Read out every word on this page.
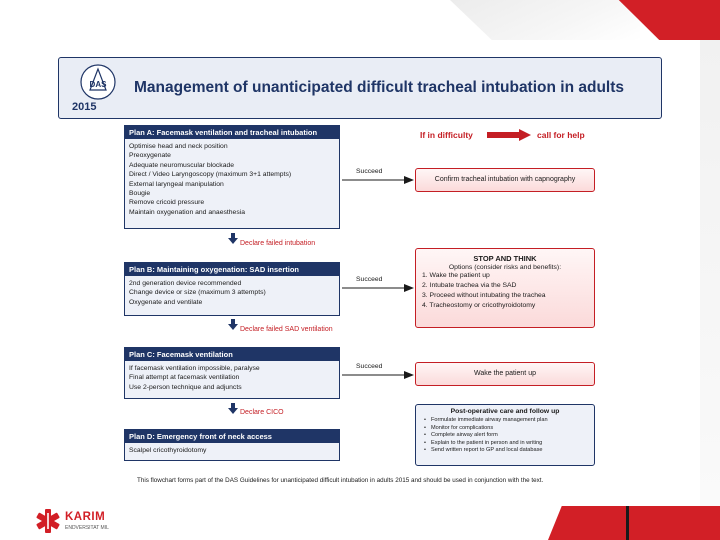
DAS
2015
Management of unanticipated difficult tracheal intubation in adults
If in difficulty	call for help
Plan A: Facemask ventilation and tracheal intubation
Optimise head and neck position
Preoxygenate
Adequate neuromuscular blockade
Direct / Video Laryngoscopy (maximum 3+1 attempts)
External laryngeal manipulation
Bougie
Remove cricoid pressure
Maintain oxygenation and anaesthesia
Succeed
Confirm tracheal intubation with capnography
Declare failed intubation
Plan B: Maintaining oxygenation: SAD insertion
2nd generation device recommended
Change device or size (maximum 3 attempts)
Oxygenate and ventilate
Succeed
STOP AND THINK
Options (consider risks and benefits):
1. Wake the patient up
2. Intubate trachea via the SAD
3. Proceed without intubating the trachea
4. Tracheostomy or cricothyroidotomy
Declare failed SAD ventilation
Plan C: Facemask ventilation
If facemask ventilation impossible, paralyse
Final attempt at facemask ventilation
Use 2-person technique and adjuncts
Succeed
Wake the patient up
Declare CICO
Plan D: Emergency front of neck access
Scalpel cricothyroidotomy
Post-operative care and follow up
• Formulate immediate airway management plan
• Monitor for complications
• Complete airway alert form
• Explain to the patient in person and in writing
• Send written report to GP and local database
This flowchart forms part of the DAS Guidelines for unanticipated difficult intubation in adults 2015 and should be used in conjunction with the text.
KARIM
ENDVERSITAT MIL
